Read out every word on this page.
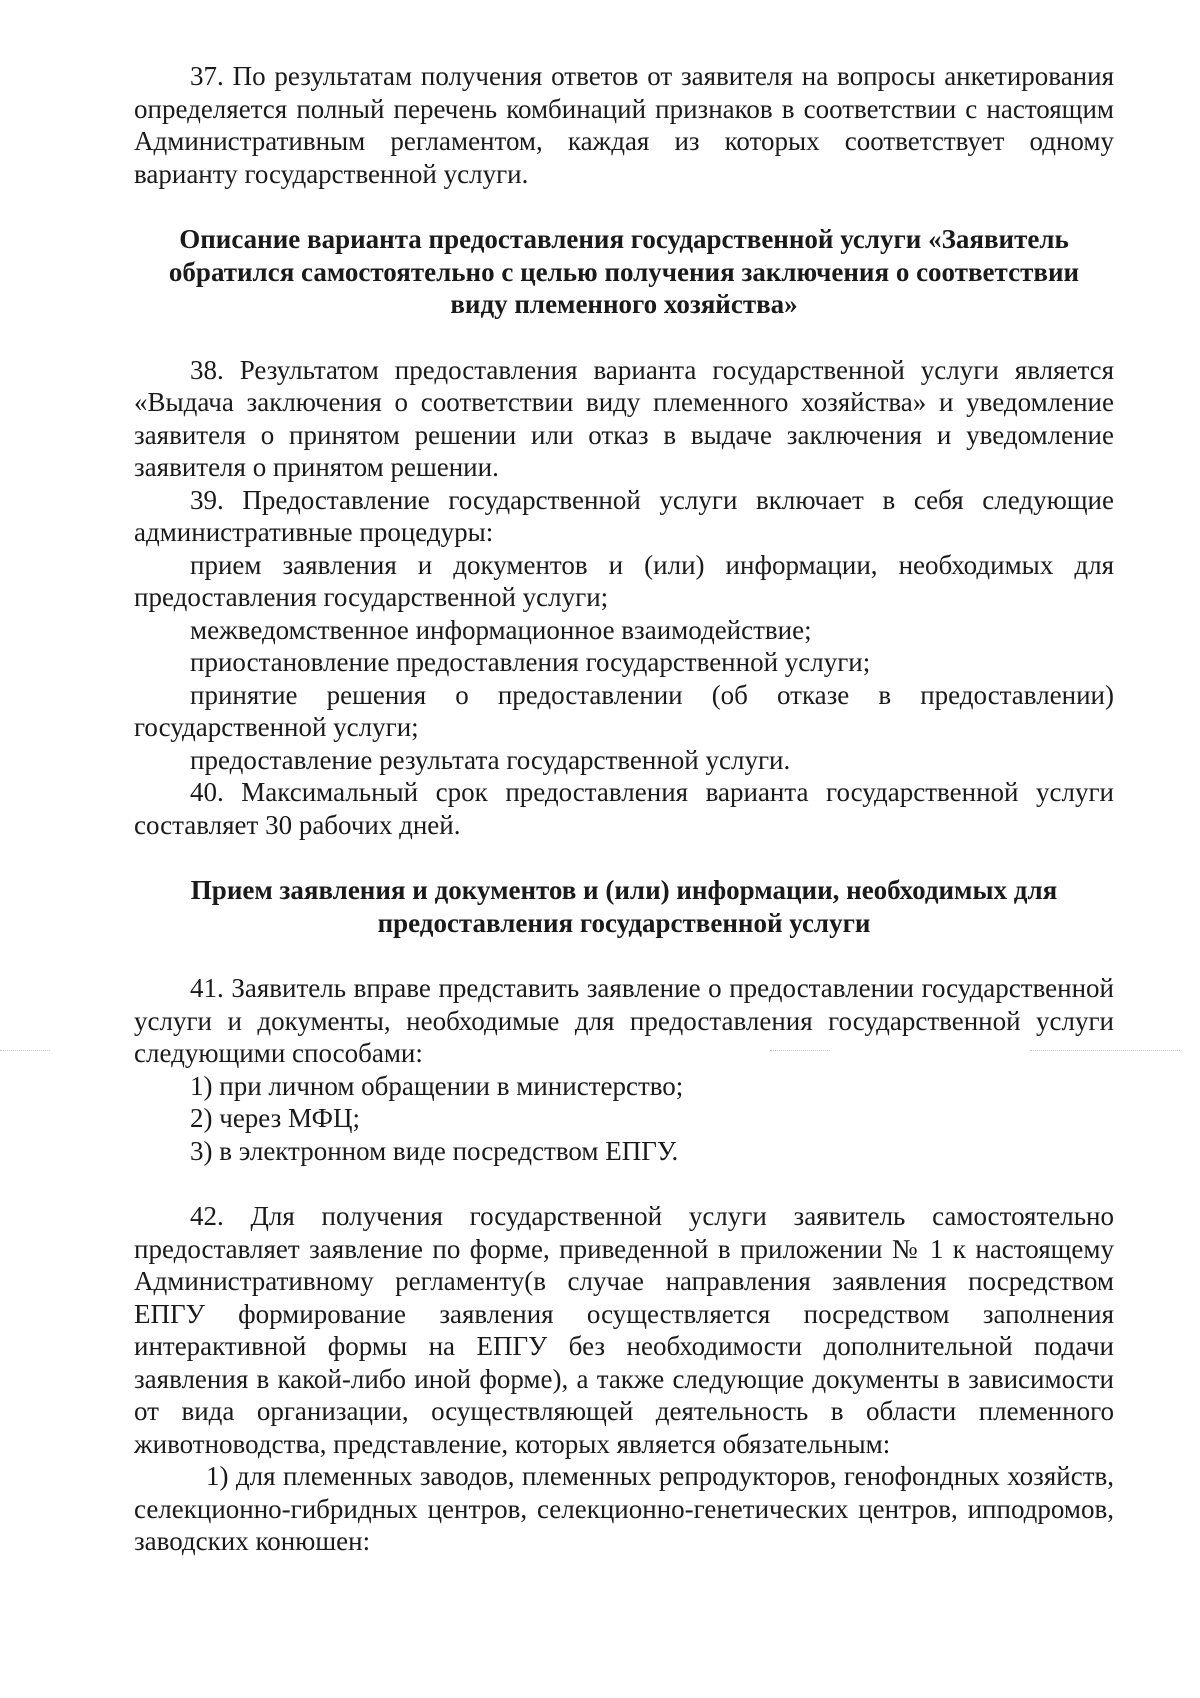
37. По результатам получения ответов от заявителя на вопросы анкетирования определяется полный перечень комбинаций признаков в соответствии с настоящим Административным регламентом, каждая из которых соответствует одному варианту государственной услуги.

Описание варианта предоставления государственной услуги «Заявитель обратился самостоятельно с целью получения заключения о соответствии виду племенного хозяйства»

38. Результатом предоставления варианта государственной услуги является «Выдача заключения о соответствии виду племенного хозяйства» и уведомление заявителя о принятом решении или отказ в выдаче заключения и уведомление заявителя о принятом решении.

39. Предоставление государственной услуги включает в себя следующие административные процедуры:

прием заявления и документов и (или) информации, необходимых для предоставления государственной услуги;

межведомственное информационное взаимодействие;

приостановление предоставления государственной услуги;

принятие решения о предоставлении (об отказе в предоставлении) государственной услуги;

предоставление результата государственной услуги.

40. Максимальный срок предоставления варианта государственной услуги составляет 30 рабочих дней.

Прием заявления и документов и (или) информации, необходимых для предоставления государственной услуги

41. Заявитель вправе представить заявление о предоставлении государственной услуги и документы, необходимые для предоставления государственной услуги следующими способами:

1) при личном обращении в министерство;

2) через МФЦ;

3) в электронном виде посредством ЕПГУ.

42. Для получения государственной услуги заявитель самостоятельно предоставляет заявление по форме, приведенной в приложении № 1 к настоящему Административному регламенту(в случае направления заявления посредством ЕПГУ формирование заявления осуществляется посредством заполнения интерактивной формы на ЕПГУ без необходимости дополнительной подачи заявления в какой-либо иной форме), а также следующие документы в зависимости от вида организации, осуществляющей деятельность в области племенного животноводства, представление, которых является обязательным:

1) для племенных заводов, племенных репродукторов, генофондных хозяйств, селекционно-гибридных центров, селекционно-генетических центров, ипподромов, заводских конюшен:
